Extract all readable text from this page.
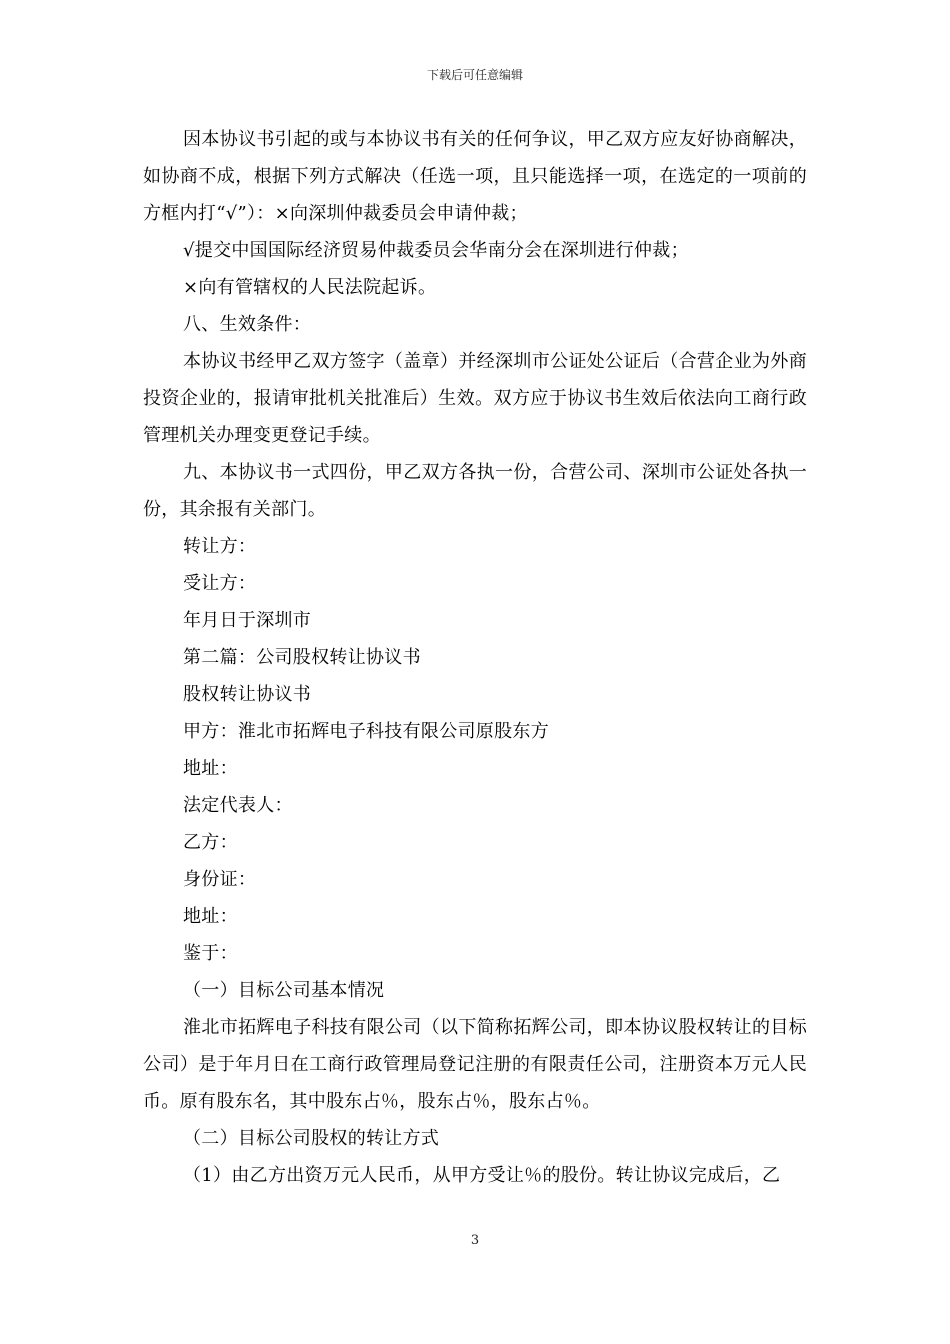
下载后可任意编辑

因本协议书引起的或与本协议书有关的任何争议，甲乙双方应友好协商解决，如协商不成，根据下列方式解决（任选一项，且只能选择一项，在选定的一项前的方框内打“√”）：×向深圳仲裁委员会申请仲裁；

√提交中国国际经济贸易仲裁委员会华南分会在深圳进行仲裁；

×向有管辖权的人民法院起诉。

八、生效条件：

本协议书经甲乙双方签字（盖章）并经深圳市公证处公证后（合营企业为外商投资企业的，报请审批机关批准后）生效。双方应于协议书生效后依法向工商行政管理机关办理变更登记手续。

九、本协议书一式四份，甲乙双方各执一份，合营公司、深圳市公证处各执一份，其余报有关部门。

转让方：

受让方：

年月日于深圳市

第二篇：公司股权转让协议书

股权转让协议书

甲方：淮北市拓辉电子科技有限公司原股东方

地址：

法定代表人：

乙方：

身份证：

地址：

鉴于：

（一）目标公司基本情况

淮北市拓辉电子科技有限公司（以下简称拓辉公司，即本协议股权转让的目标公司）是于年月日在工商行政管理局登记注册的有限责任公司，注册资本万元人民币。原有股东名，其中股东占％，股东占％，股东占％。

（二）目标公司股权的转让方式

（1）由乙方出资万元人民币，从甲方受让％的股份。转让协议完成后，乙

3
